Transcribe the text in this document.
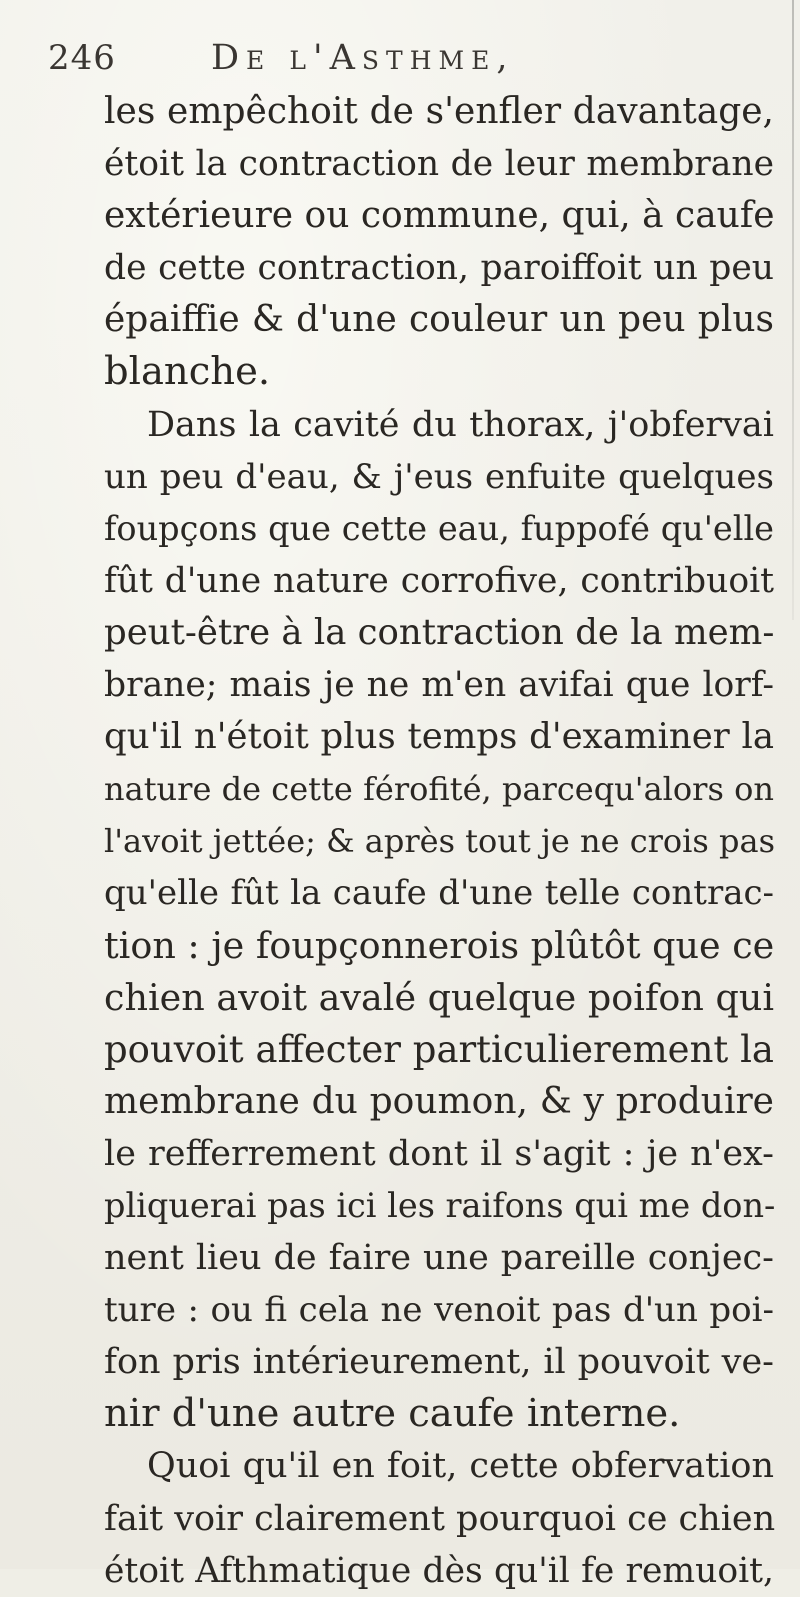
246	De l'Asthme,
les empêchoit de s'enfler davantage,
étoit la contraction de leur membrane
extérieure ou commune, qui, à caufe
de cette contraction, paroiffoit un peu
épaiffie & d'une couleur un peu plus
blanche.
Dans la cavité du thorax, j'obfervai
un peu d'eau, & j'eus enfuite quelques
foupçons que cette eau, fuppofé qu'elle
fût d'une nature corrofive, contribuoit
peut-être à la contraction de la mem-
brane; mais je ne m'en avifai que lorf-
qu'il n'étoit plus temps d'examiner la
nature de cette férofité, parcequ'alors on
l'avoit jettée; & après tout je ne crois pas
qu'elle fût la caufe d'une telle contrac-
tion : je foupçonnerois plûtôt que ce
chien avoit avalé quelque poifon qui
pouvoit affecter particulierement la
membrane du poumon, & y produire
le refferrement dont il s'agit : je n'ex-
pliquerai pas ici les raifons qui me don-
nent lieu de faire une pareille conjec-
ture : ou fi cela ne venoit pas d'un poi-
fon pris intérieurement, il pouvoit ve-
nir d'une autre caufe interne.
Quoi qu'il en foit, cette obfervation
fait voir clairement pourquoi ce chien
étoit Afthmatique dès qu'il fe remuoit,
